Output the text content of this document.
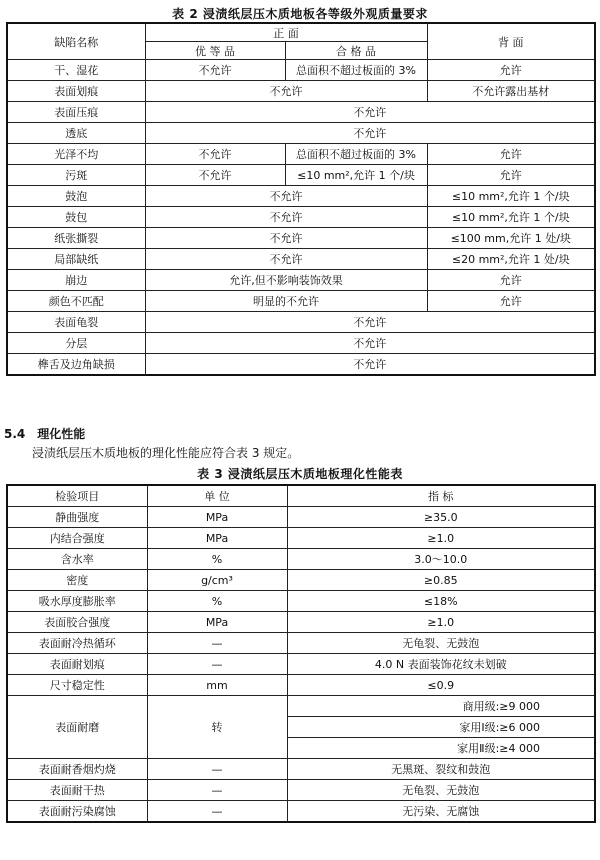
表 2 浸渍纸层压木质地板各等级外观质量要求
缺陷名称	正 面		背 面
	优 等 品	合 格 品	
干、湿花	不允许	总面积不超过板面的 3%	允许
表面划痕	不允许		不允许露出基材
表面压痕	不允许		
透底	不允许		
光泽不均	不允许	总面积不超过板面的 3%	允许
污斑	不允许	≤10 mm²,允许 1 个/块	允许
鼓泡	不允许		≤10 mm²,允许 1 个/块
鼓包	不允许		≤10 mm²,允许 1 个/块
纸张撕裂	不允许		≤100 mm,允许 1 处/块
局部缺纸	不允许		≤20 mm²,允许 1 处/块
崩边	允许,但不影响装饰效果		允许
颜色不匹配	明显的不允许		允许
表面龟裂	不允许		
分层	不允许		
榫舌及边角缺损	不允许		
5.4 理化性能
浸渍纸层压木质地板的理化性能应符合表 3 规定。
表 3 浸渍纸层压木质地板理化性能表
检验项目	单 位	指 标
静曲强度	MPa	≥35.0
内结合强度	MPa	≥1.0
含水率	%	3.0～10.0
密度	g/cm³	≥0.85
吸水厚度膨胀率	%	≤18%
表面胶合强度	MPa	≥1.0
表面耐冷热循环	—	无龟裂、无鼓泡
表面耐划痕	—	4.0 N 表面装饰花纹未划破
尺寸稳定性	mm	≤0.9
表面耐磨	转	商用级:≥9 000
		家用Ⅰ级:≥6 000
		家用Ⅱ级:≥4 000
表面耐香烟灼烧	—	无黑斑、裂纹和鼓泡
表面耐干热	—	无龟裂、无鼓泡
表面耐污染腐蚀	—	无污染、无腐蚀
